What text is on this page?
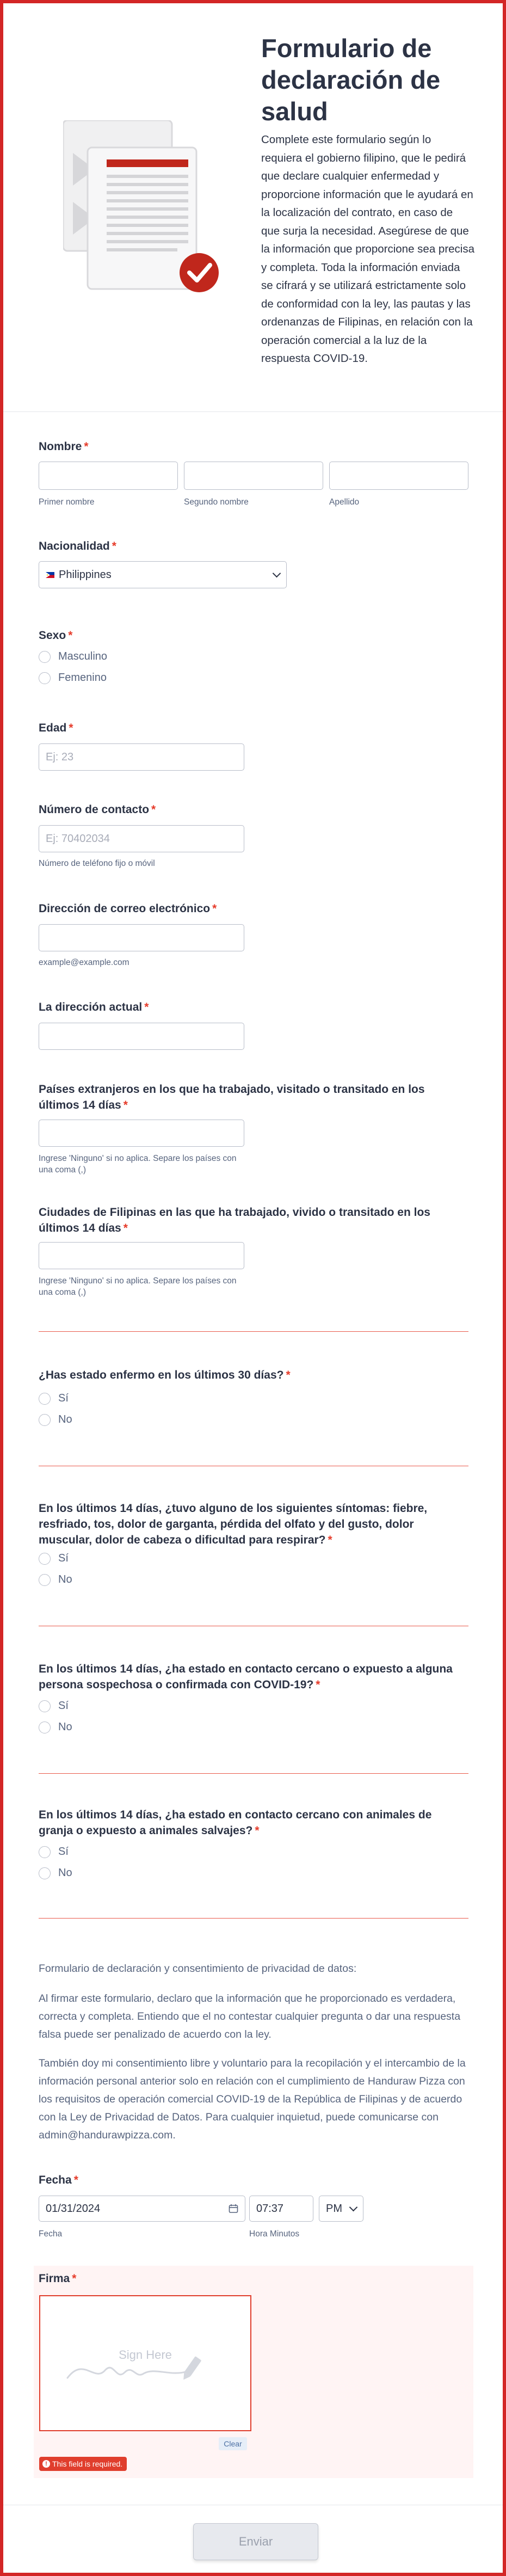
Formulario de declaración de salud
Complete este formulario según lo requiera el gobierno filipino, que le pedirá que declare cualquier enfermedad y proporcione información que le ayudará en la localización del contrato, en caso de que surja la necesidad. Asegúrese de que la información que proporcione sea precisa y completa. Toda la información enviada se cifrará y se utilizará estrictamente solo de conformidad con la ley, las pautas y las ordenanzas de Filipinas, en relación con la operación comercial a la luz de la respuesta COVID-19.
Nombre *
Primer nombre	Segundo nombre	Apellido
Nacionalidad *
Philippines
Sexo *
Masculino
Femenino
Edad *
Ej: 23
Número de contacto *
Ej: 70402034
Número de teléfono fijo o móvil
Dirección de correo electrónico *
example@example.com
La dirección actual *
Países extranjeros en los que ha trabajado, visitado o transitado en los últimos 14 días *
Ingrese 'Ninguno' si no aplica. Separe los países con una coma (,)
Ciudades de Filipinas en las que ha trabajado, vivido o transitado en los últimos 14 días *
Ingrese 'Ninguno' si no aplica. Separe los países con una coma (,)
¿Has estado enfermo en los últimos 30 días? *
Sí
No
En los últimos 14 días, ¿tuvo alguno de los siguientes síntomas: fiebre, resfriado, tos, dolor de garganta, pérdida del olfato y del gusto, dolor muscular, dolor de cabeza o dificultad para respirar? *
Sí
No
En los últimos 14 días, ¿ha estado en contacto cercano o expuesto a alguna persona sospechosa o confirmada con COVID-19? *
Sí
No
En los últimos 14 días, ¿ha estado en contacto cercano con animales de granja o expuesto a animales salvajes? *
Sí
No

Formulario de declaración y consentimiento de privacidad de datos:

Al firmar este formulario, declaro que la información que he proporcionado es verdadera, correcta y completa. Entiendo que el no contestar cualquier pregunta o dar una respuesta falsa puede ser penalizado de acuerdo con la ley.

También doy mi consentimiento libre y voluntario para la recopilación y el intercambio de la información personal anterior solo en relación con el cumplimiento de Handuraw Pizza con los requisitos de operación comercial COVID-19 de la República de Filipinas y de acuerdo con la Ley de Privacidad de Datos. Para cualquier inquietud, puede comunicarse con admin@handurawpizza.com.

Fecha *
01/31/2024	07:37	PM
Fecha	Hora Minutos
Firma *
Sign Here
Clear
! This field is required.
Enviar
